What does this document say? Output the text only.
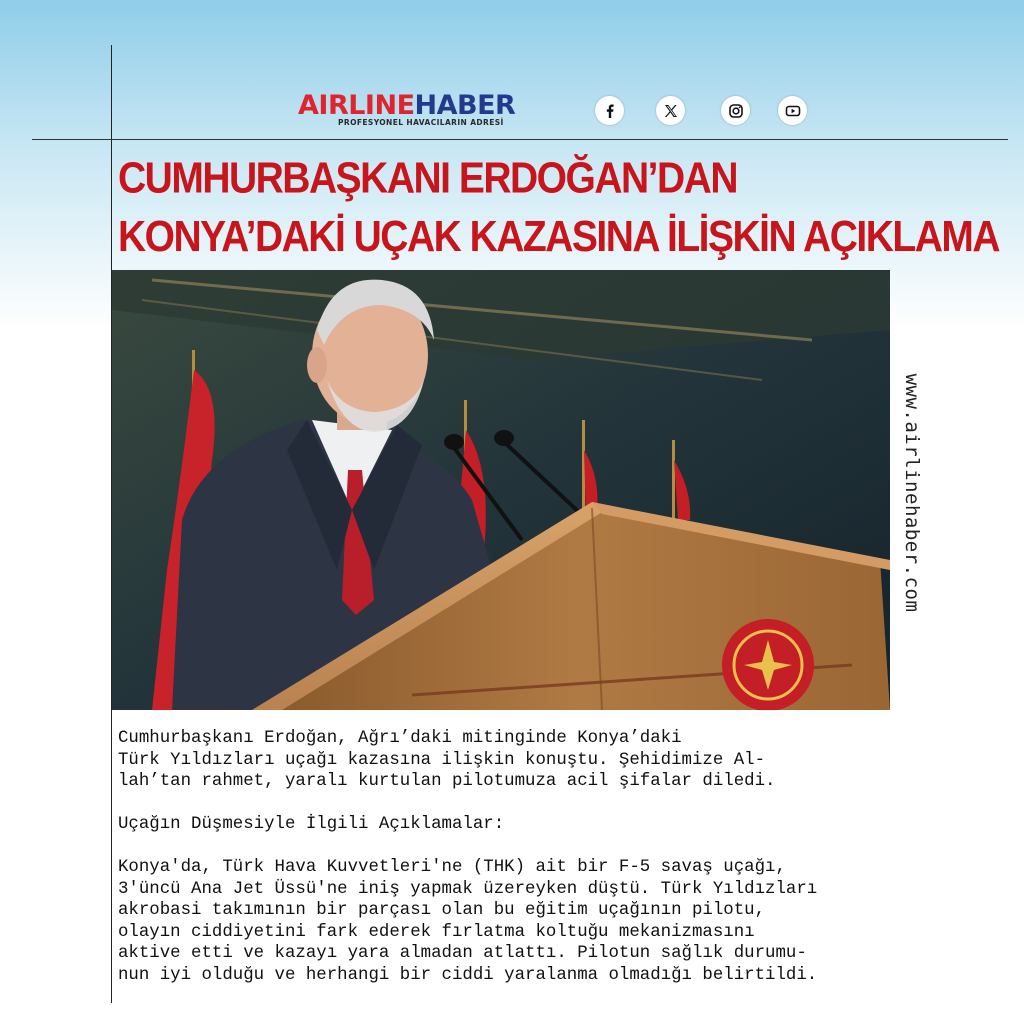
AIRLINEHABER
PROFESYONEL HAVACILARIN ADRESİ
CUMHURBAŞKANI ERDOĞAN’DAN
KONYA’DAKİ UÇAK KAZASINA İLİŞKİN AÇIKLAMA
www.airlinehaber.com

Cumhurbaşkanı Erdoğan, Ağrı’daki mitinginde Konya’daki
Türk Yıldızları uçağı kazasına ilişkin konuştu. Şehidimize Al-
lah’tan rahmet, yaralı kurtulan pilotumuza acil şifalar diledi.

Uçağın Düşmesiyle İlgili Açıklamalar:

Konya'da, Türk Hava Kuvvetleri'ne (THK) ait bir F-5 savaş uçağı,
3'üncü Ana Jet Üssü'ne iniş yapmak üzereyken düştü. Türk Yıldızları
akrobasi takımının bir parçası olan bu eğitim uçağının pilotu,
olayın ciddiyetini fark ederek fırlatma koltuğu mekanizmasını
aktive etti ve kazayı yara almadan atlattı. Pilotun sağlık durumu-
nun iyi olduğu ve herhangi bir ciddi yaralanma olmadığı belirtildi.
